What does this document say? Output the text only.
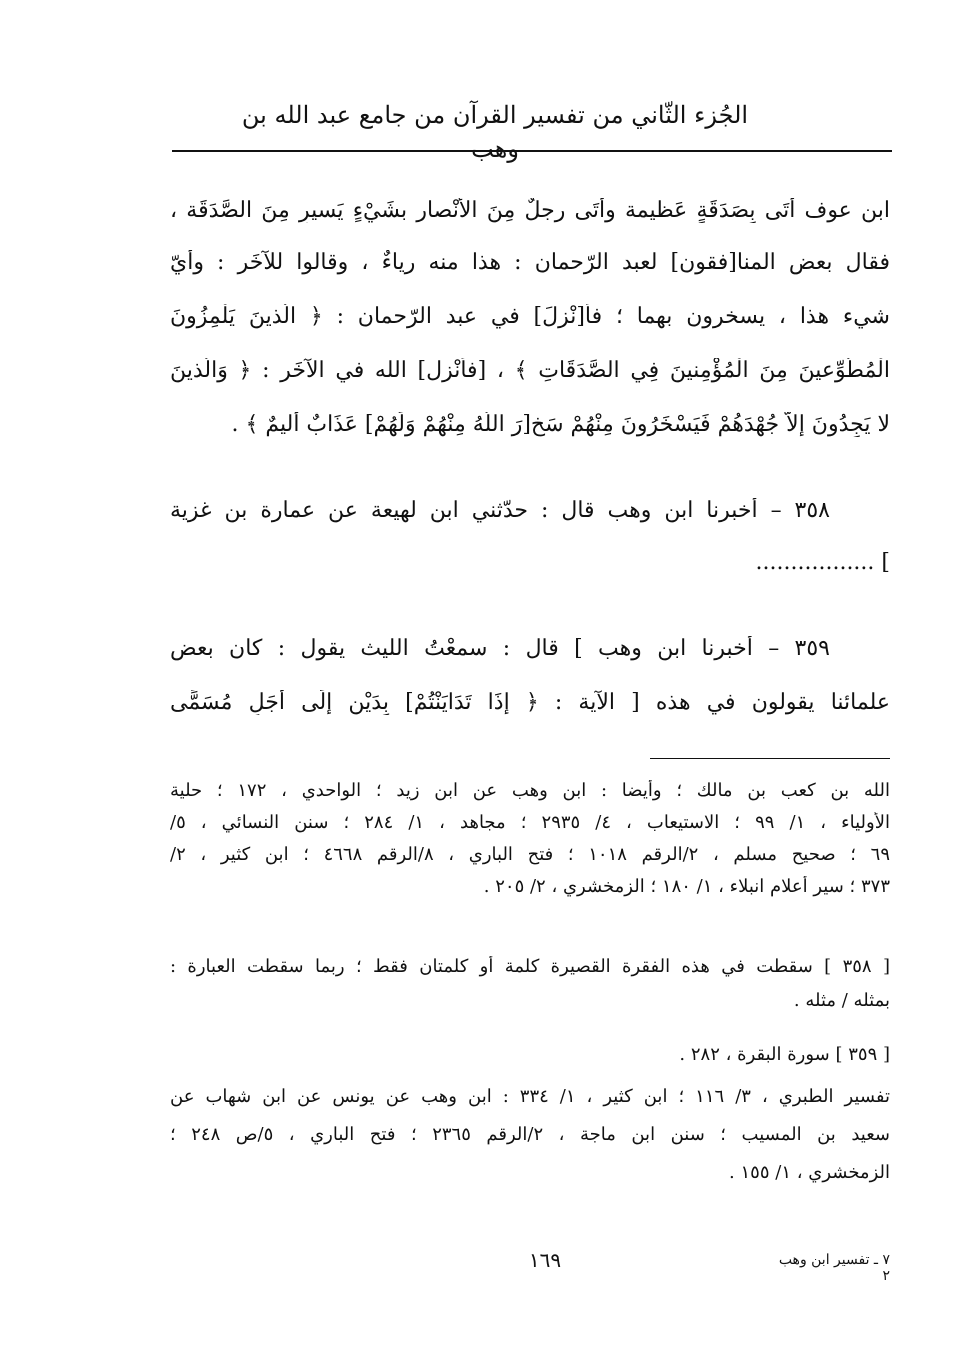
الجُزء الثّاني من تفسير القرآن من جامع عبد الله بن وهب
ابن عوف أَتَى بِصَدَقَةٍ عَظيمة وأَتَى رجلٌ مِنَ الأنْصار بشَيْءٍ يَسيرٍ مِنَ الصَّدَقَة ،
فقال بعض المنا[فقون] لعبد الرّحمان : هذا منه رياءٌ ، وقالوا للآخَر : وأيّ
شيء هذا ، يسخرون بهما ؛ فأ[نْزلَ] في عبد الرّحمان : ﴿ الَّذينَ يَلْمِزُونَ
الْمُطَّوِّعينَ مِنَ الْمُؤْمِنينَ فِي الصَّدَقَاتِ ﴾ ، [فأنْزل] الله في الآخَر : ﴿ وَالَّذينَ
لا يَجِدُونَ إِلاَّ جُهْدَهُمْ فَيَسْخَرُونَ مِنْهُمْ سَخِ[رَ اللّهُ مِنْهُمْ وَلَهُمْ] عَذَابٌ أَليمٌ ﴾ .
٣٥٨ – أخبرنا ابن وهب قال : حدّثني ابن لهيعة عن عمارة بن غزية
] .................
٣٥٩ – أخبرنا ابن وهب ] قال : سمعْتُ الليث يقول : كان بعض
علمائنا يقولون في هذه [ الآية : ﴿ إِذَا تَدَايَنْتُمْ] بِدَيْنٍ إِلَى أَجَلٍ مُسَمًّى
الله بن كعب بن مالك ؛ وأيضا : ابن وهب عن ابن زيد ؛ الواحدي ، ١٧٢ ؛ حلية
الأولياء ، ١/ ٩٩ ؛ الاستيعاب ، ٤/ ٢٩٣٥ ؛ مجاهد ، ١/ ٢٨٤ ؛ سنن النسائي ، ٥/
٦٩ ؛ صحيح مسلم ، ٢/الرقم ١٠١٨ ؛ فتح الباري ، ٨/الرقم ٤٦٦٨ ؛ ابن كثير ، ٢/
٣٧٣ ؛ سير أعلام انبلاء ، ١/ ١٨٠ ؛ الزمخشري ، ٢/ ٢٠٥ .
[ ٣٥٨ ] سقطت في هذه الفقرة القصيرة كلمة أو كلمتان فقط ؛ ربما سقطت العبارة :
بمثله / مثله .
[ ٣٥٩ ] سورة البقرة ، ٢٨٢ .
تفسير الطبري ، ٣/ ١١٦ ؛ ابن كثير ، ١/ ٣٣٤ : ابن وهب عن يونس عن ابن شهاب عن
سعيد بن المسيب ؛ سنن ابن ماجة ، ٢/الرقم ٢٣٦٥ ؛ فتح الباري ، ٥/ص ٢٤٨ ؛
الزمخشري ، ١/ ١٥٥ .
١٦٩	٧ ـ تفسير ابن وهب ٢
